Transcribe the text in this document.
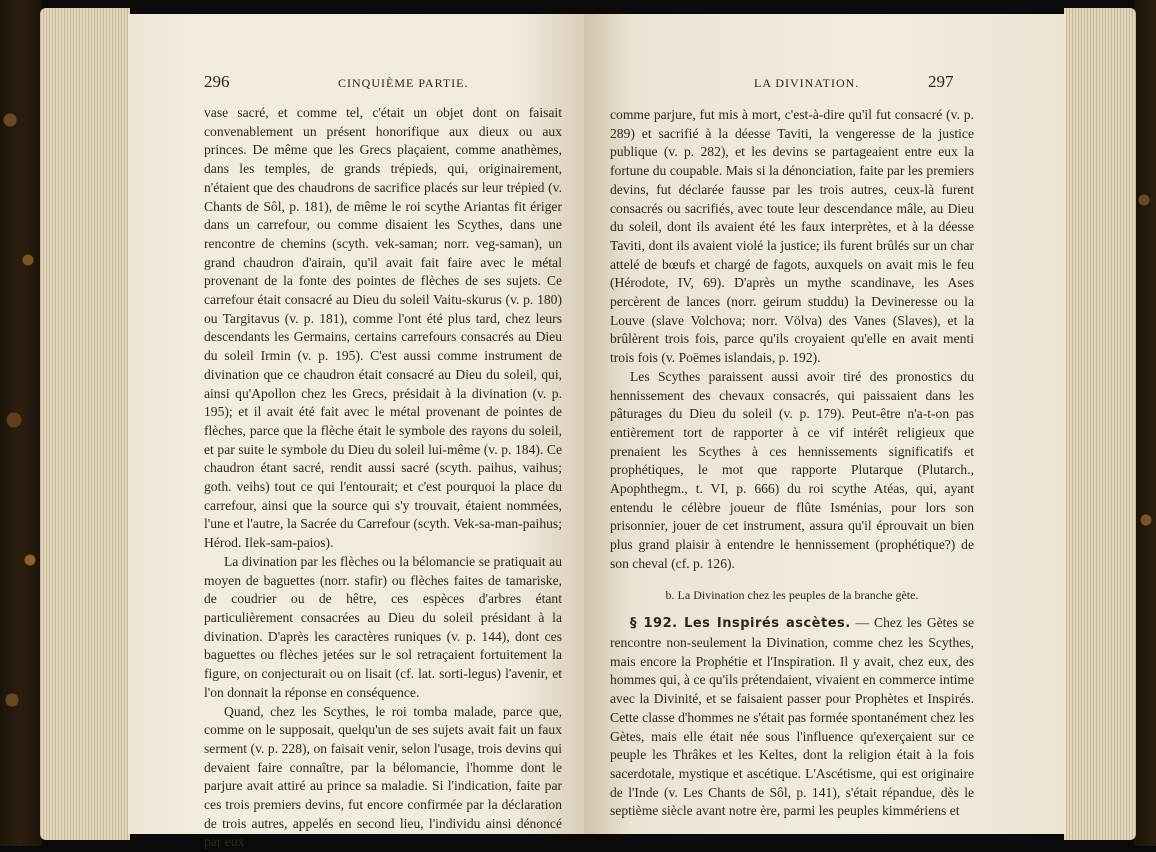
296	CINQUIÈME PARTIE.

vase sacré, et comme tel, c'était un objet dont on faisait convenablement un présent honorifique aux dieux ou aux princes. De même que les Grecs plaçaient, comme anathèmes, dans les temples, de grands trépieds, qui, originairement, n'étaient que des chaudrons de sacrifice placés sur leur trépied (v. Chants de Sôl, p. 181), de même le roi scythe Ariantas fit ériger dans un carrefour, ou comme disaient les Scythes, dans une rencontre de chemins (scyth. vek-saman; norr. veg-saman), un grand chaudron d'airain, qu'il avait fait faire avec le métal provenant de la fonte des pointes de flèches de ses sujets. Ce carrefour était consacré au Dieu du soleil Vaitu-skurus (v. p. 180) ou Targitavus (v. p. 181), comme l'ont été plus tard, chez leurs descendants les Germains, certains carrefours consacrés au Dieu du soleil Irmin (v. p. 195). C'est aussi comme instrument de divination que ce chaudron était consacré au Dieu du soleil, qui, ainsi qu'Apollon chez les Grecs, présidait à la divination (v. p. 195); et il avait été fait avec le métal provenant de pointes de flèches, parce que la flèche était le symbole des rayons du soleil, et par suite le symbole du Dieu du soleil lui-même (v. p. 184). Ce chaudron étant sacré, rendit aussi sacré (scyth. paihus, vaihus; goth. veihs) tout ce qui l'entourait; et c'est pourquoi la place du carrefour, ainsi que la source qui s'y trouvait, étaient nommées, l'une et l'autre, la Sacrée du Carrefour (scyth. Vek-sa-man-paihus; Hérod. Ilek-sam-paios).

La divination par les flèches ou la bélomancie se pratiquait au moyen de baguettes (norr. stafir) ou flèches faites de tamariske, de coudrier ou de hêtre, ces espèces d'arbres étant particulièrement consacrées au Dieu du soleil présidant à la divination. D'après les caractères runiques (v. p. 144), dont ces baguettes ou flèches jetées sur le sol retraçaient fortuitement la figure, on conjecturait ou on lisait (cf. lat. sorti-legus) l'avenir, et l'on donnait la réponse en conséquence.

Quand, chez les Scythes, le roi tomba malade, parce que, comme on le supposait, quelqu'un de ses sujets avait fait un faux serment (v. p. 228), on faisait venir, selon l'usage, trois devins qui devaient faire connaître, par la bélomancie, l'homme dont le parjure avait attiré au prince sa maladie. Si l'indication, faite par ces trois premiers devins, fut encore confirmée par la déclaration de trois autres, appelés en second lieu, l'individu ainsi dénoncé par eux

LA DIVINATION.	297

comme parjure, fut mis à mort, c'est-à-dire qu'il fut consacré (v. p. 289) et sacrifié à la déesse Taviti, la vengeresse de la justice publique (v. p. 282), et les devins se partageaient entre eux la fortune du coupable. Mais si la dénonciation, faite par les premiers devins, fut déclarée fausse par les trois autres, ceux-là furent consacrés ou sacrifiés, avec toute leur descendance mâle, au Dieu du soleil, dont ils avaient été les faux interprètes, et à la déesse Taviti, dont ils avaient violé la justice; ils furent brûlés sur un char attelé de bœufs et chargé de fagots, auxquels on avait mis le feu (Hérodote, IV, 69). D'après un mythe scandinave, les Ases percèrent de lances (norr. geirum studdu) la Devineresse ou la Louve (slave Volchova; norr. Völva) des Vanes (Slaves), et la brûlèrent trois fois, parce qu'ils croyaient qu'elle en avait menti trois fois (v. Poëmes islandais, p. 192).

Les Scythes paraissent aussi avoir tiré des pronostics du hennissement des chevaux consacrés, qui paissaient dans les pâturages du Dieu du soleil (v. p. 179). Peut-être n'a-t-on pas entièrement tort de rapporter à ce vif intérêt religieux que prenaient les Scythes à ces hennissements significatifs et prophétiques, le mot que rapporte Plutarque (Plutarch., Apophthegm., t. VI, p. 666) du roi scythe Atéas, qui, ayant entendu le célèbre joueur de flûte Isménias, pour lors son prisonnier, jouer de cet instrument, assura qu'il éprouvait un bien plus grand plaisir à entendre le hennissement (prophétique?) de son cheval (cf. p. 126).

b. La Divination chez les peuples de la branche gète.

§ 192. Les Inspirés ascètes. — Chez les Gètes se rencontre non-seulement la Divination, comme chez les Scythes, mais encore la Prophétie et l'Inspiration. Il y avait, chez eux, des hommes qui, à ce qu'ils prétendaient, vivaient en commerce intime avec la Divinité, et se faisaient passer pour Prophètes et Inspirés. Cette classe d'hommes ne s'était pas formée spontanément chez les Gètes, mais elle était née sous l'influence qu'exerçaient sur ce peuple les Thrâkes et les Keltes, dont la religion était à la fois sacerdotale, mystique et ascétique. L'Ascétisme, qui est originaire de l'Inde (v. Les Chants de Sôl, p. 141), s'était répandue, dès le septième siècle avant notre ère, parmi les peuples kimmériens et
